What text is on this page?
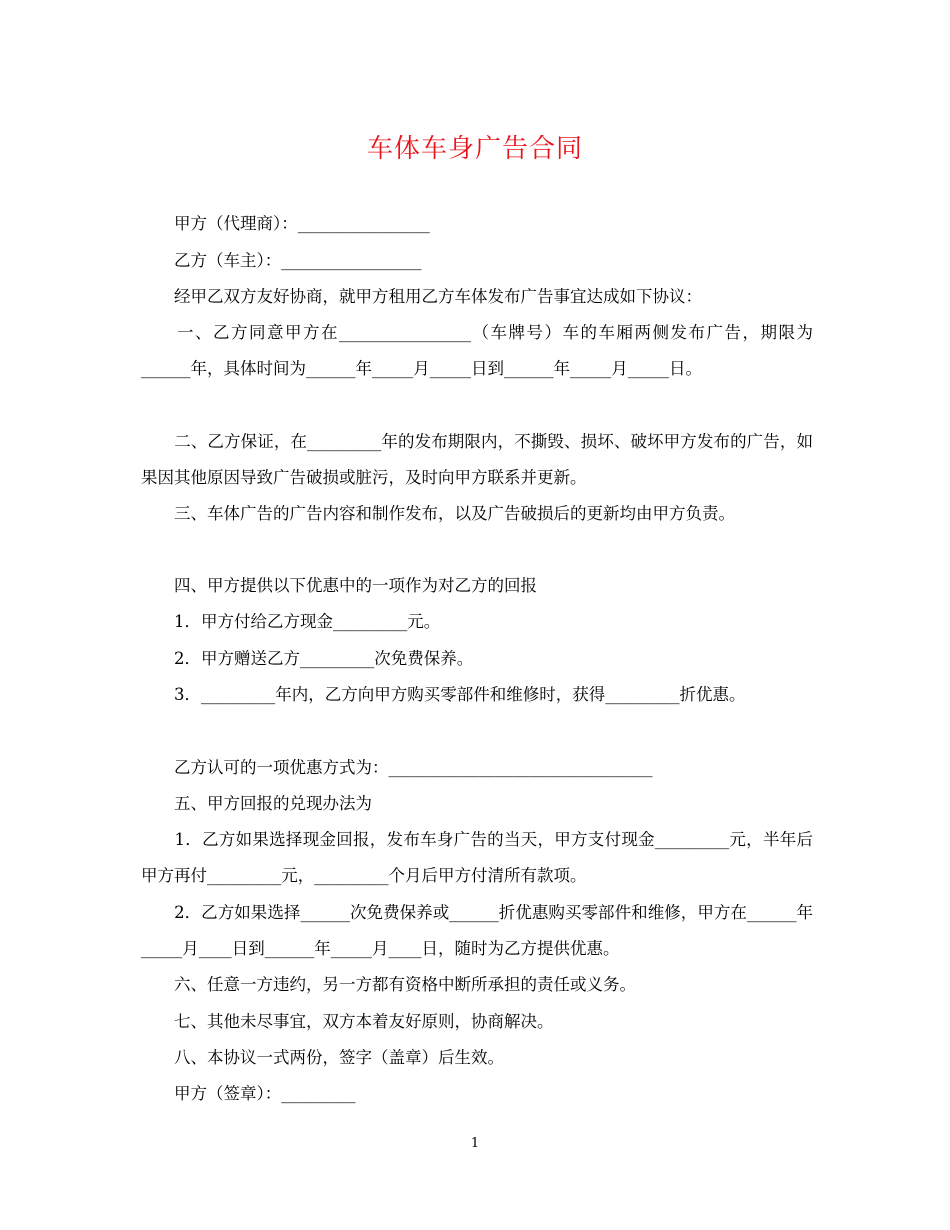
车体车身广告合同
　　甲方（代理商）：________________
　　乙方（车主）：_________________
　　经甲乙双方友好协商，就甲方租用乙方车体发布广告事宜达成如下协议：
　　一、乙方同意甲方在________________（车牌号）车的车厢两侧发布广告，期限为______年，具体时间为______年_____月_____日到______年_____月_____日。
　　二、乙方保证，在_________年的发布期限内，不撕毁、损坏、破坏甲方发布的广告，如果因其他原因导致广告破损或脏污，及时向甲方联系并更新。
　　三、车体广告的广告内容和制作发布，以及广告破损后的更新均由甲方负责。
　　四、甲方提供以下优惠中的一项作为对乙方的回报
　　1．甲方付给乙方现金_________元。
　　2．甲方赠送乙方_________次免费保养。
　　3．_________年内，乙方向甲方购买零部件和维修时，获得_________折优惠。
　　乙方认可的一项优惠方式为：________________________________
　　五、甲方回报的兑现办法为
　　1．乙方如果选择现金回报，发布车身广告的当天，甲方支付现金_________元，半年后甲方再付_________元，_________个月后甲方付清所有款项。
　　2．乙方如果选择______次免费保养或______折优惠购买零部件和维修，甲方在______年_____月____日到______年_____月____日，随时为乙方提供优惠。
　　六、任意一方违约，另一方都有资格中断所承担的责任或义务。
　　七、其他未尽事宜，双方本着友好原则，协商解决。
　　八、本协议一式两份，签字（盖章）后生效。
　　甲方（签章）：_________
1
